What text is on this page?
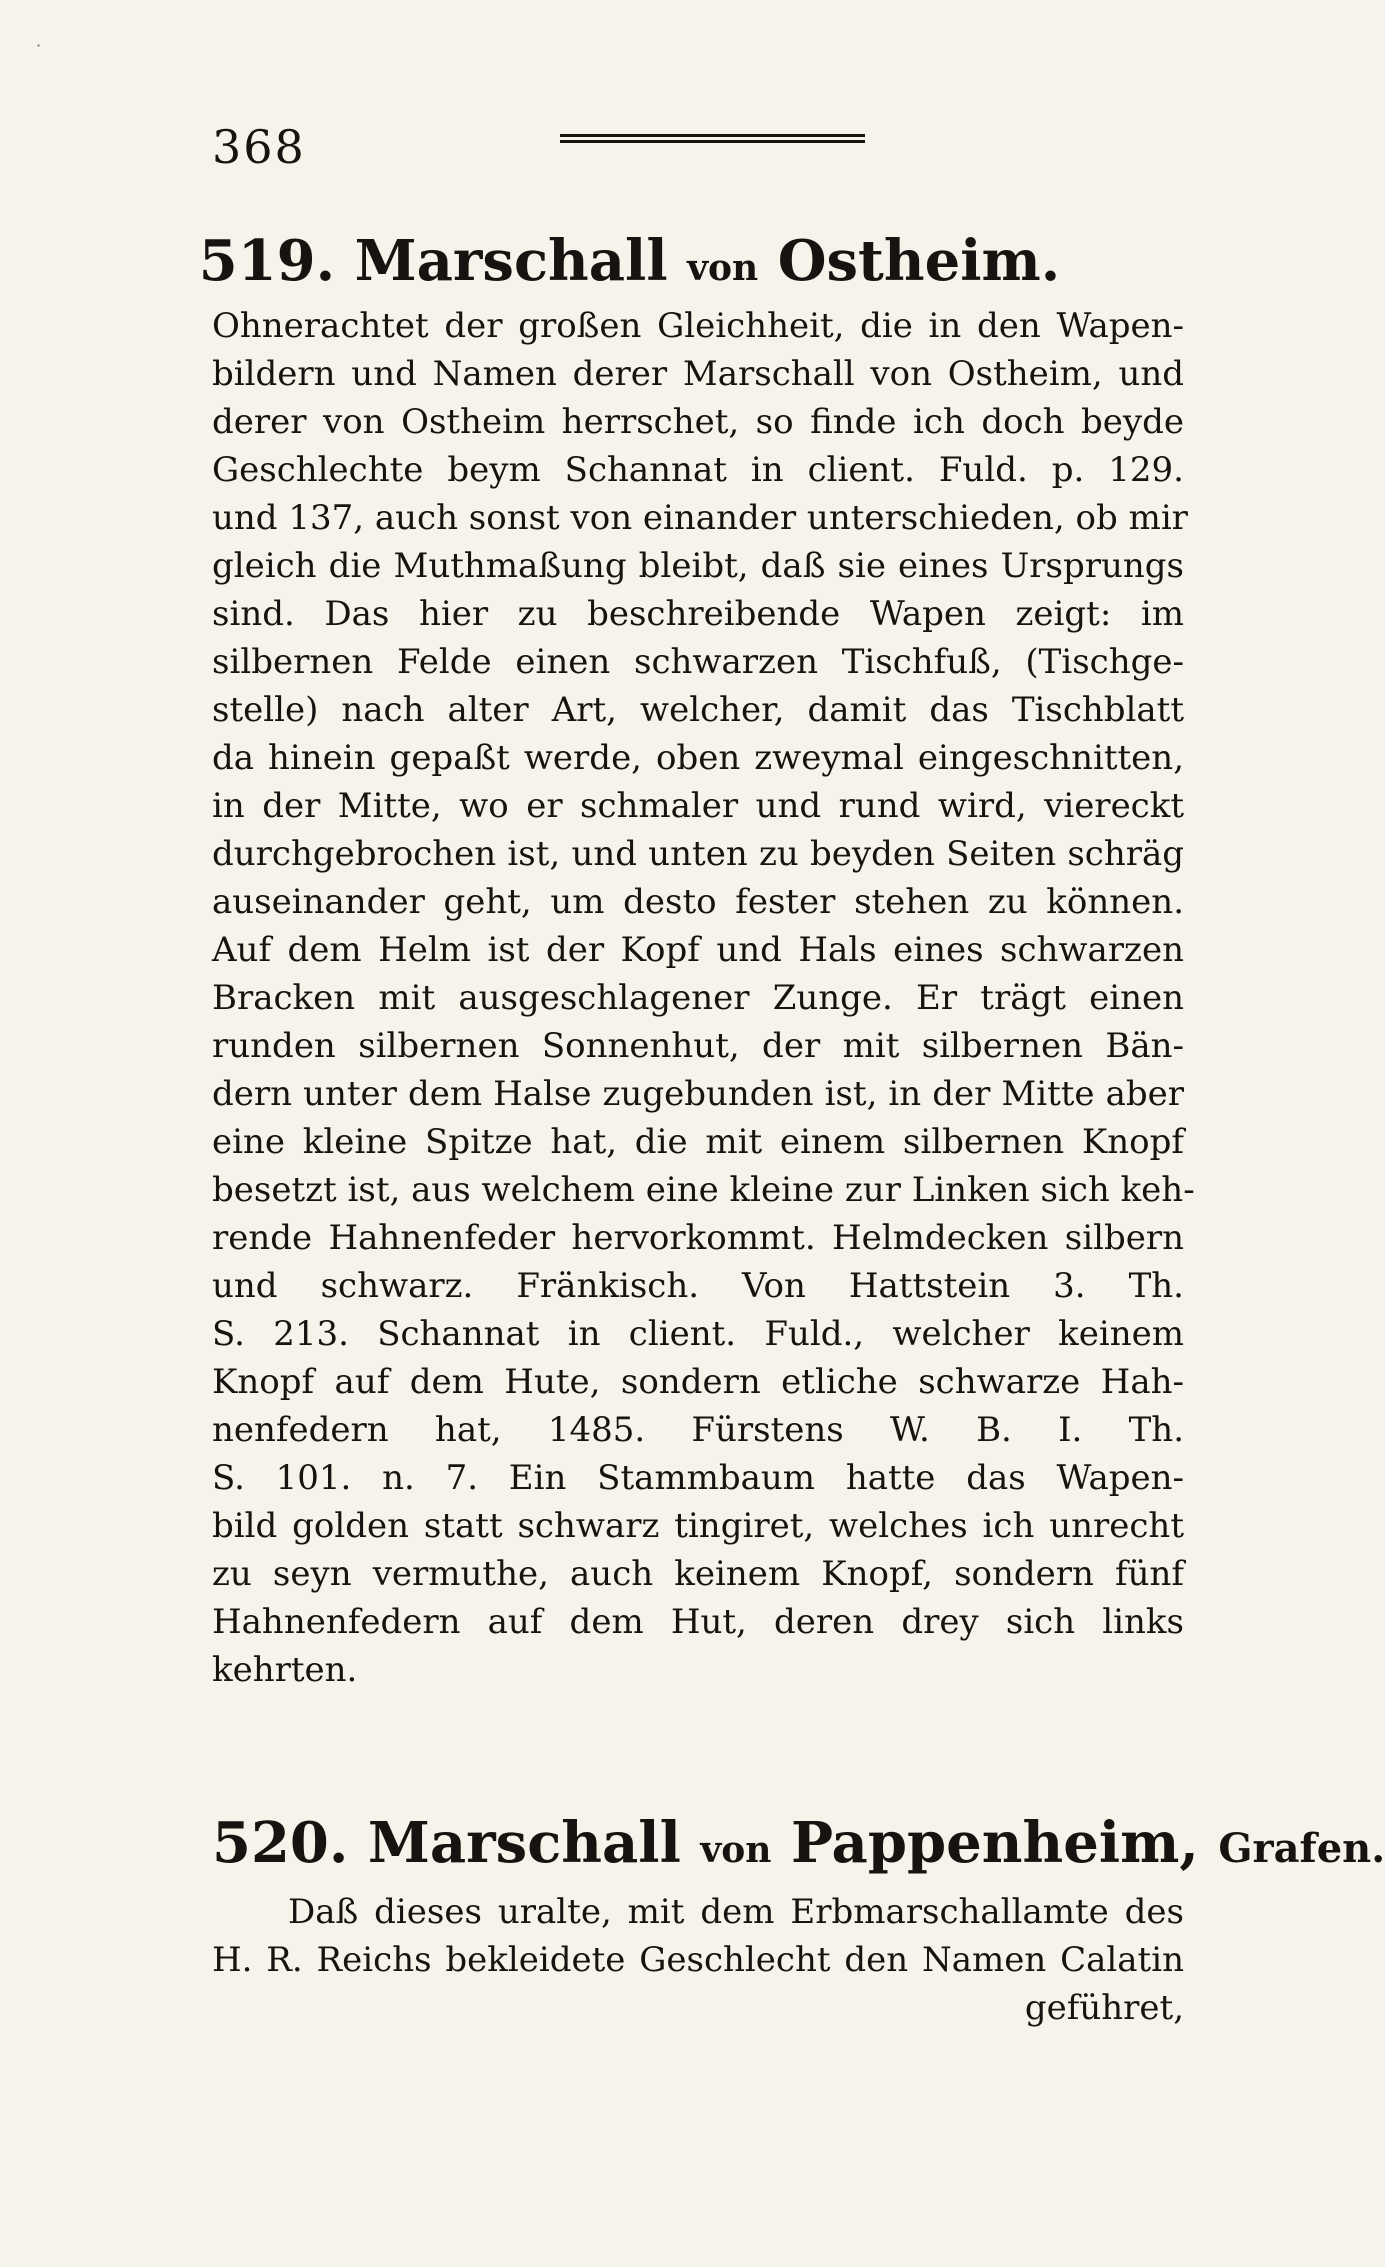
368
·
519. Marschall von Ostheim.
Ohnerachtet der großen Gleichheit, die in den Wapen-
bildern und Namen derer Marschall von Ostheim, und
derer von Ostheim herrschet, so finde ich doch beyde
Geschlechte beym Schannat in client. Fuld. p. 129.
und 137, auch sonst von einander unterschieden, ob mir
gleich die Muthmaßung bleibt, daß sie eines Ursprungs
sind. Das hier zu beschreibende Wapen zeigt: im
silbernen Felde einen schwarzen Tischfuß, (Tischge-
stelle) nach alter Art, welcher, damit das Tischblatt
da hinein gepaßt werde, oben zweymal eingeschnitten,
in der Mitte, wo er schmaler und rund wird, viereckt
durchgebrochen ist, und unten zu beyden Seiten schräg
auseinander geht, um desto fester stehen zu können.
Auf dem Helm ist der Kopf und Hals eines schwarzen
Bracken mit ausgeschlagener Zunge. Er trägt einen
runden silbernen Sonnenhut, der mit silbernen Bän-
dern unter dem Halse zugebunden ist, in der Mitte aber
eine kleine Spitze hat, die mit einem silbernen Knopf
besetzt ist, aus welchem eine kleine zur Linken sich keh-
rende Hahnenfeder hervorkommt. Helmdecken silbern
und schwarz. Fränkisch. Von Hattstein 3. Th.
S. 213. Schannat in client. Fuld., welcher keinem
Knopf auf dem Hute, sondern etliche schwarze Hah-
nenfedern hat, 1485. Fürstens W. B. I. Th.
S. 101. n. 7. Ein Stammbaum hatte das Wapen-
bild golden statt schwarz tingiret, welches ich unrecht
zu seyn vermuthe, auch keinem Knopf, sondern fünf
Hahnenfedern auf dem Hut, deren drey sich links
kehrten.
520. Marschall von Pappenheim, Grafen.
Daß dieses uralte, mit dem Erbmarschallamte des
H. R. Reichs bekleidete Geschlecht den Namen Calatin
geführet,
